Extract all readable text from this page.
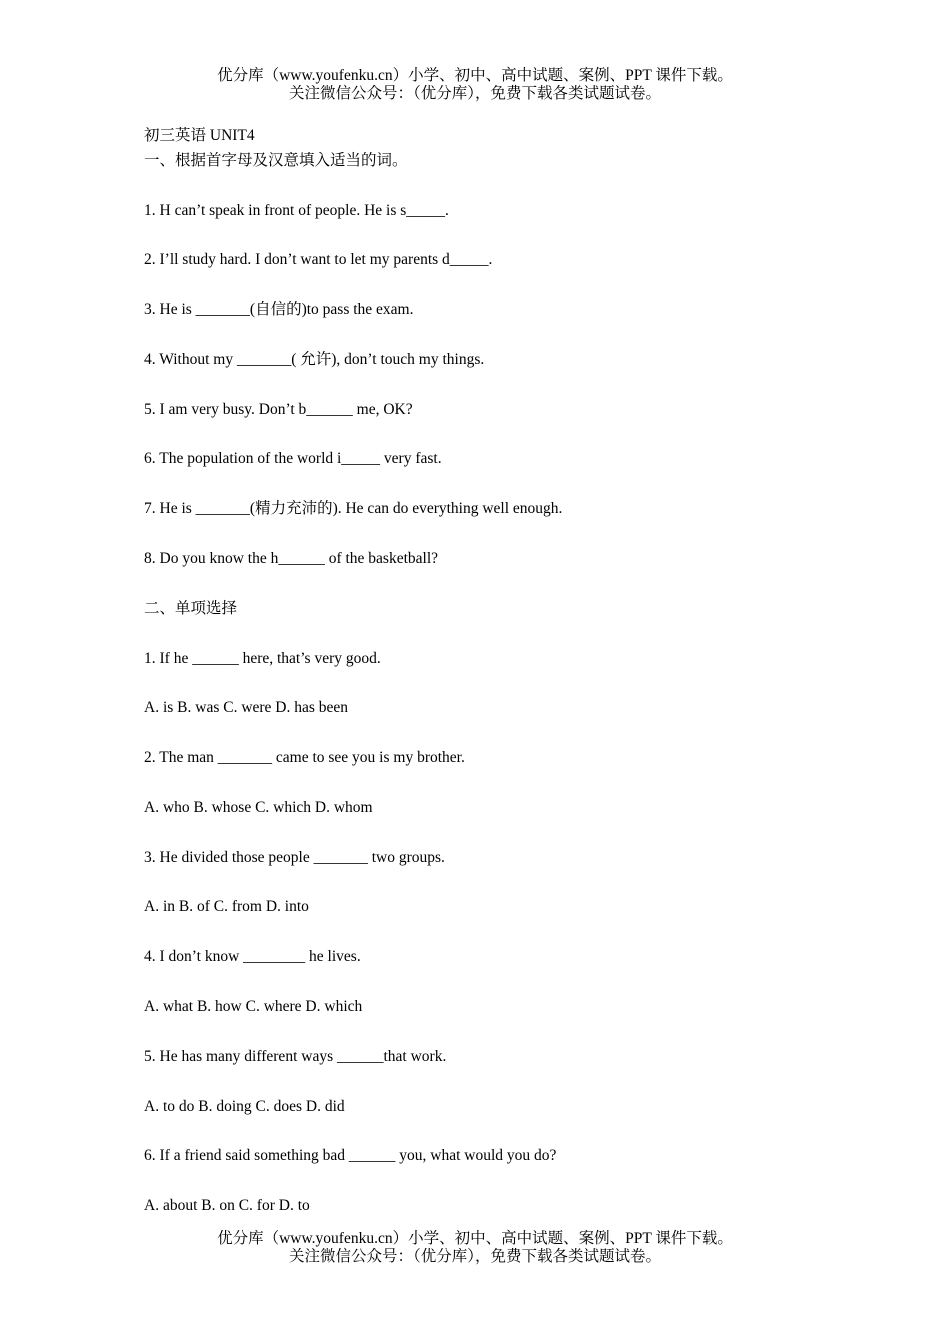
优分库（www.youfenku.cn）小学、初中、高中试题、案例、PPT 课件下载。
关注微信公众号：（优分库），免费下载各类试题试卷。

初三英语 UNIT4

一、根据首字母及汉意填入适当的词。

1. H can’t speak in front of people. He is s_____.

2. I’ll study hard. I don’t want to let my parents d_____.

3. He is _______(自信的)to pass the exam.

4. Without my _______( 允许), don’t touch my things.

5. I am very busy. Don’t b______ me, OK?

6. The population of the world i_____ very fast.

7. He is _______(精力充沛的). He can do everything well enough.

8. Do you know the h______ of the basketball?

二、单项选择

1. If he ______ here, that’s very good.

A. is B. was C. were D. has been

2. The man _______ came to see you is my brother.

A. who B. whose C. which D. whom

3. He divided those people _______ two groups.

A. in B. of C. from D. into

4. I don’t know ________ he lives.

A. what B. how C. where D. which

5. He has many different ways ______that work.

A. to do B. doing C. does D. did

6. If a friend said something bad ______ you, what would you do?

A. about B. on C. for D. to

优分库（www.youfenku.cn）小学、初中、高中试题、案例、PPT 课件下载。
关注微信公众号：（优分库），免费下载各类试题试卷。
